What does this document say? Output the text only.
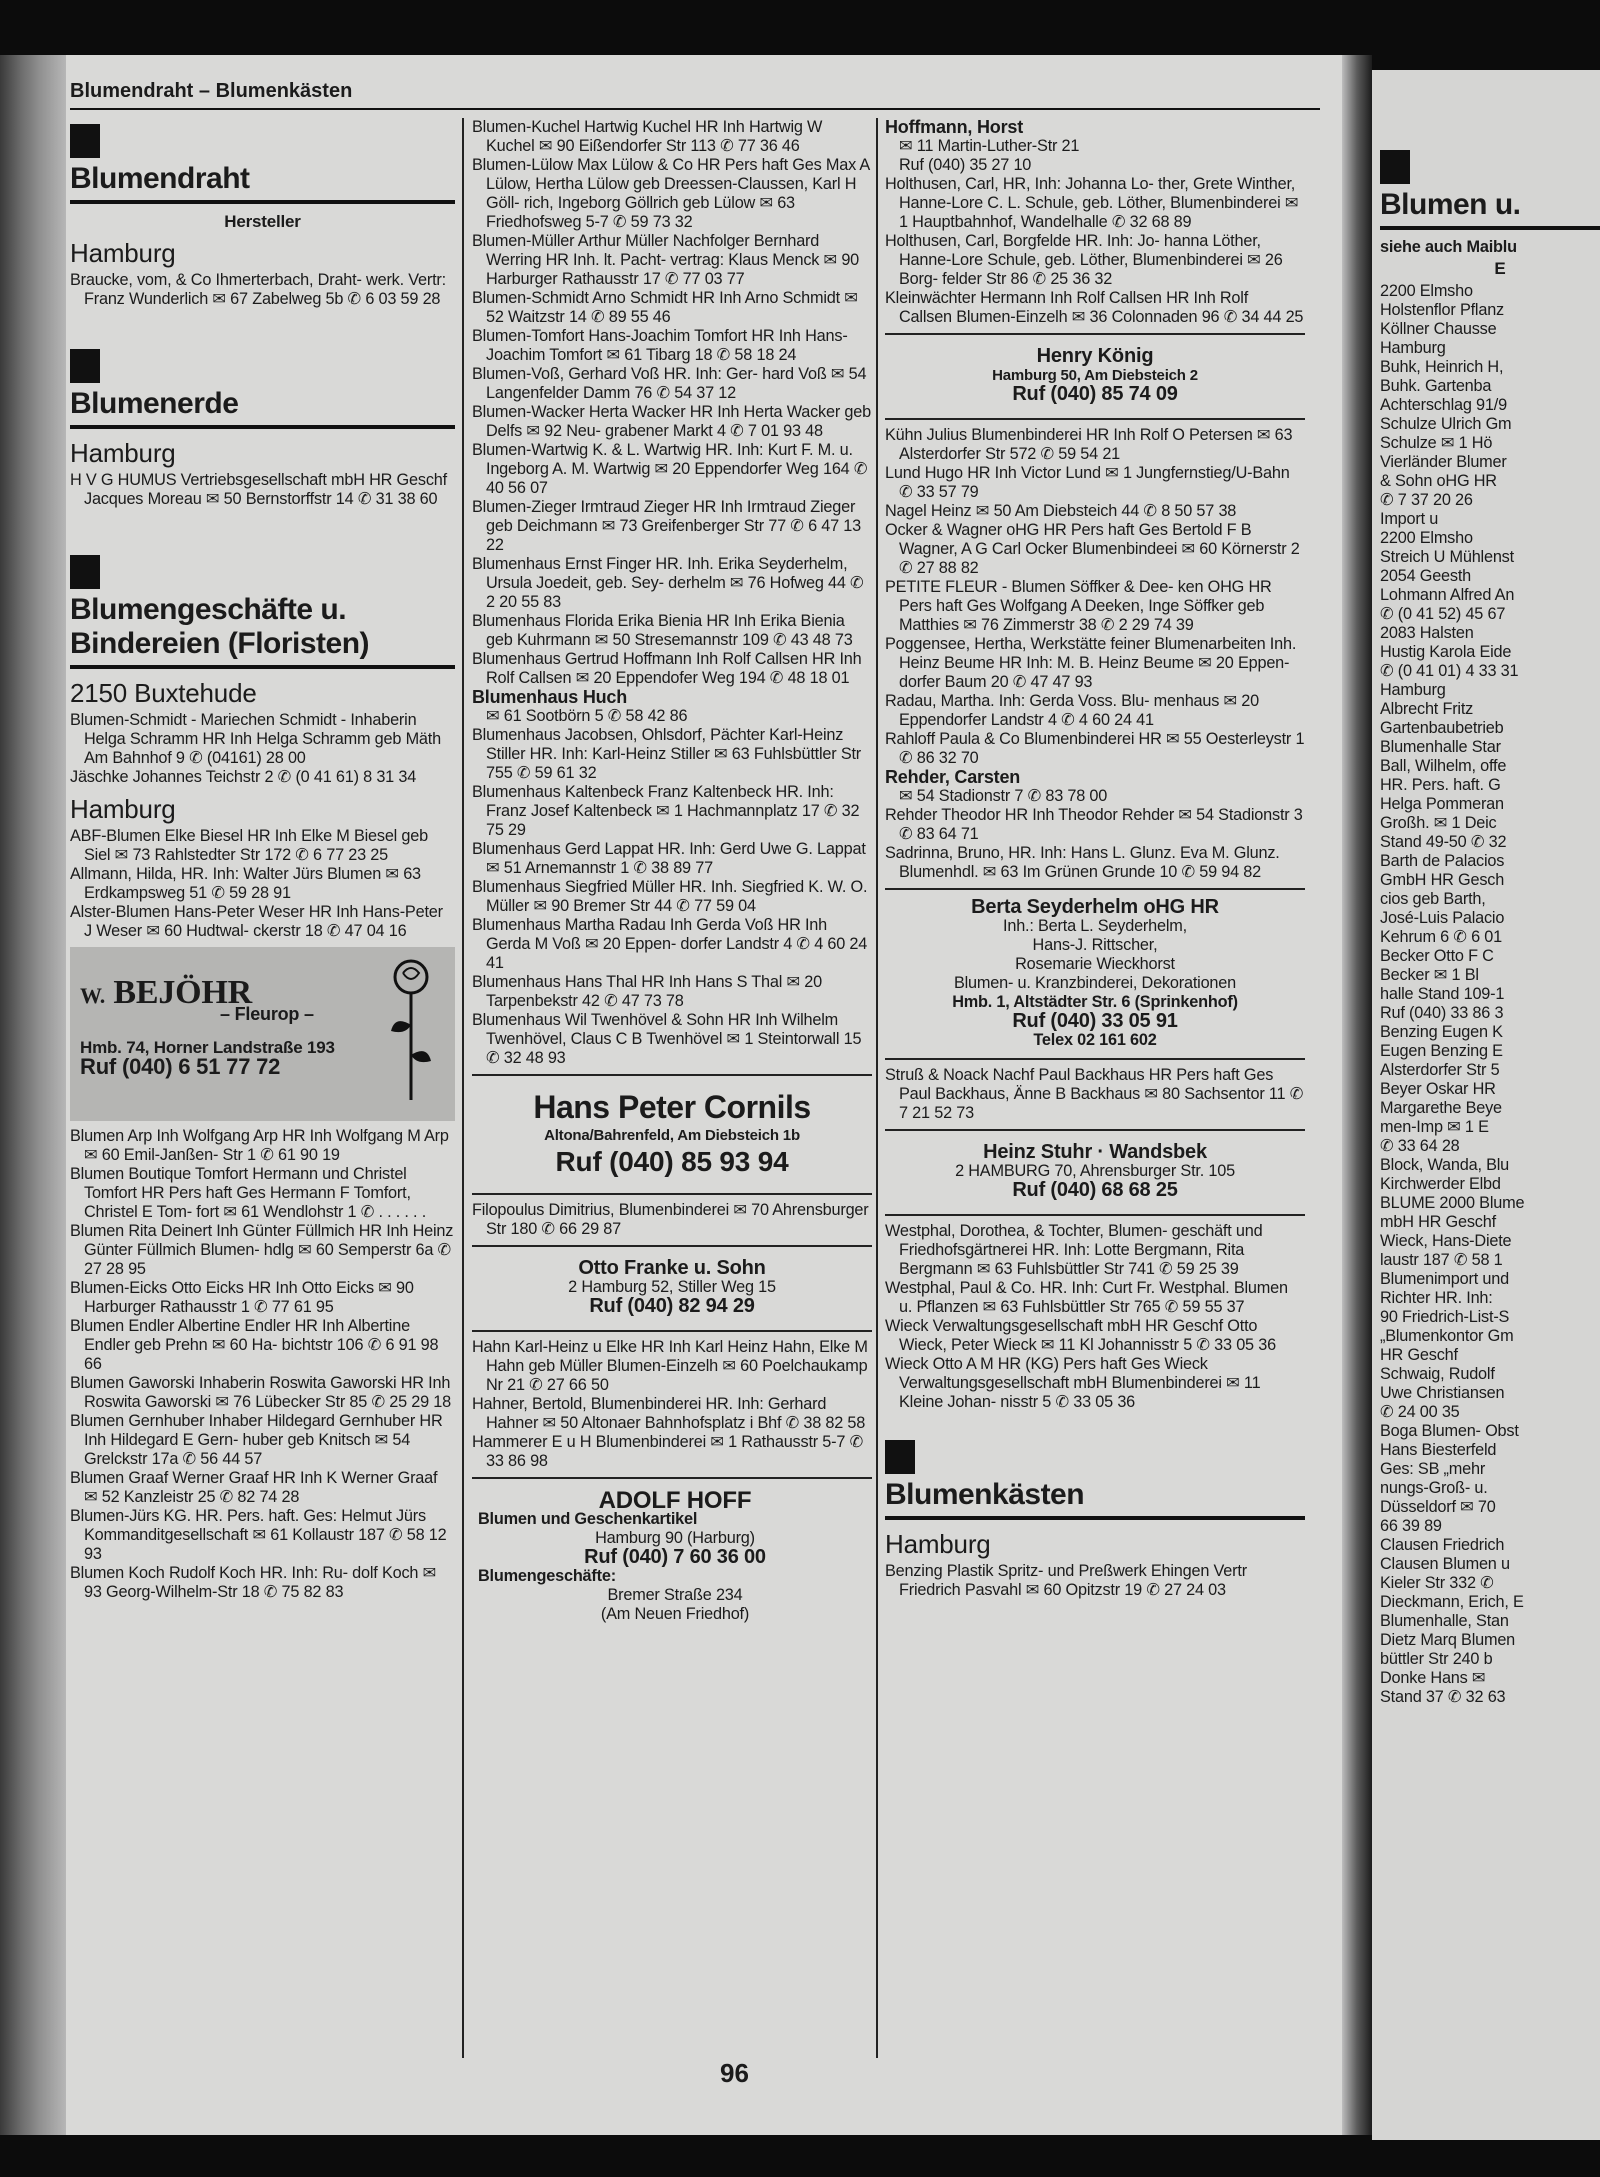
Blumen u.
siehe auch Maiblu
E
2200 Elmsho
Holstenflor Pflanz
Köllner Chausse
Hamburg
Buhk, Heinrich H,
Buhk. Gartenba
Achterschlag 91/9
Schulze Ulrich Gm
Schulze ✉ 1 Hö
Vierländer Blumer
& Sohn oHG HR
✆ 7 37 20 26
Import u
2200 Elmsho
Streich U Mühlenst
2054 Geesth
Lohmann Alfred An
✆ (0 41 52) 45 67
2083 Halsten
Hustig Karola Eide
✆ (0 41 01) 4 33 31
Hamburg
Albrecht Fritz
Gartenbaubetrieb
Blumenhalle Star
Ball, Wilhelm, offe
HR. Pers. haft. G
Helga Pommeran
Großh. ✉ 1 Deic
Stand 49-50 ✆ 32
Barth de Palacios
GmbH HR Gesch
cios geb Barth,
José-Luis Palacio
Kehrum 6 ✆ 6 01
Becker Otto F C
Becker ✉ 1 Bl
halle Stand 109-1
Ruf (040) 33 86 3
Benzing Eugen K
Eugen Benzing E
Alsterdorfer Str 5
Beyer Oskar HR
Margarethe Beye
men-Imp ✉ 1 E
✆ 33 64 28
Block, Wanda, Blu
Kirchwerder Elbd
BLUME 2000 Blume
mbH HR Geschf
Wieck, Hans-Diete
laustr 187 ✆ 58 1
Blumenimport und
Richter HR. Inh:
90 Friedrich-List-S
„Blumenkontor Gm
HR Geschf
Schwaig, Rudolf
Uwe Christiansen
✆ 24 00 35
Boga Blumen- Obst
Hans Biesterfeld
Ges: SB „mehr
nungs-Groß- u.
Düsseldorf ✉ 70
66 39 89
Clausen Friedrich
Clausen Blumen u
Kieler Str 332 ✆
Dieckmann, Erich, E
Blumenhalle, Stan
Dietz Marq Blumen
büttler Str 240 b
Donke Hans ✉
Stand 37 ✆ 32 63
Blumendraht – Blumenkästen
Blumendraht
Hersteller
Hamburg

Braucke, vom, & Co Ihmerterbach, Draht- werk. Vertr: Franz Wunderlich ✉ 67 Zabelweg 5b ✆ 6 03 59 28

Blumenerde
Hamburg

H V G HUMUS Vertriebsgesellschaft mbH HR Geschf Jacques Moreau ✉ 50 Bernstorffstr 14 ✆ 31 38 60

Blumengeschäfte u.
Bindereien (Floristen)
2150 Buxtehude

Blumen-Schmidt - Mariechen Schmidt - Inhaberin Helga Schramm HR Inh Helga Schramm geb Mäth Am Bahnhof 9 ✆ (04161) 28 00

Jäschke Johannes Teichstr 2 ✆ (0 41 61) 8 31 34

Hamburg

ABF-Blumen Elke Biesel HR Inh Elke M Biesel geb Siel ✉ 73 Rahlstedter Str 172 ✆ 6 77 23 25

Allmann, Hilda, HR. Inh: Walter Jürs Blumen ✉ 63 Erdkampsweg 51 ✆ 59 28 91

Alster-Blumen Hans-Peter Weser HR Inh Hans-Peter J Weser ✉ 60 Hudtwal- ckerstr 18 ✆ 47 04 16

W. BEJÖHR
– Fleurop –
Hmb. 74, Horner Landstraße 193
Ruf (040) 6 51 77 72

Blumen Arp Inh Wolfgang Arp HR Inh Wolfgang M Arp ✉ 60 Emil-Janßen- Str 1 ✆ 61 90 19

Blumen Boutique Tomfort Hermann und Christel Tomfort HR Pers haft Ges Hermann F Tomfort, Christel E Tom- fort ✉ 61 Wendlohstr 1 ✆ . . . . . .

Blumen Rita Deinert Inh Günter Füllmich HR Inh Heinz Günter Füllmich Blumen- hdlg ✉ 60 Semperstr 6a ✆ 27 28 95

Blumen-Eicks Otto Eicks HR Inh Otto Eicks ✉ 90 Harburger Rathausstr 1 ✆ 77 61 95

Blumen Endler Albertine Endler HR Inh Albertine Endler geb Prehn ✉ 60 Ha- bichtstr 106 ✆ 6 91 98 66

Blumen Gaworski Inhaberin Roswita Gaworski HR Inh Roswita Gaworski ✉ 76 Lübecker Str 85 ✆ 25 29 18

Blumen Gernhuber Inhaber Hildegard Gernhuber HR Inh Hildegard E Gern- huber geb Knitsch ✉ 54 Grelckstr 17a ✆ 56 44 57

Blumen Graaf Werner Graaf HR Inh K Werner Graaf ✉ 52 Kanzleistr 25 ✆ 82 74 28

Blumen-Jürs KG. HR. Pers. haft. Ges: Helmut Jürs Kommanditgesellschaft ✉ 61 Kollaustr 187 ✆ 58 12 93

Blumen Koch Rudolf Koch HR. Inh: Ru- dolf Koch ✉ 93 Georg-Wilhelm-Str 18 ✆ 75 82 83

Blumen-Kuchel Hartwig Kuchel HR Inh Hartwig W Kuchel ✉ 90 Eißendorfer Str 113 ✆ 77 36 46

Blumen-Lülow Max Lülow & Co HR Pers haft Ges Max A Lülow, Hertha Lülow geb Dreessen-Claussen, Karl H Göll- rich, Ingeborg Göllrich geb Lülow ✉ 63 Friedhofsweg 5-7 ✆ 59 73 32

Blumen-Müller Arthur Müller Nachfolger Bernhard Werring HR Inh. lt. Pacht- vertrag: Klaus Menck ✉ 90 Harburger Rathausstr 17 ✆ 77 03 77

Blumen-Schmidt Arno Schmidt HR Inh Arno Schmidt ✉ 52 Waitzstr 14 ✆ 89 55 46

Blumen-Tomfort Hans-Joachim Tomfort HR Inh Hans-Joachim Tomfort ✉ 61 Tibarg 18 ✆ 58 18 24

Blumen-Voß, Gerhard Voß HR. Inh: Ger- hard Voß ✉ 54 Langenfelder Damm 76 ✆ 54 37 12

Blumen-Wacker Herta Wacker HR Inh Herta Wacker geb Delfs ✉ 92 Neu- grabener Markt 4 ✆ 7 01 93 48

Blumen-Wartwig K. & L. Wartwig HR. Inh: Kurt F. M. u. Ingeborg A. M. Wartwig ✉ 20 Eppendorfer Weg 164 ✆ 40 56 07

Blumen-Zieger Irmtraud Zieger HR Inh Irmtraud Zieger geb Deichmann ✉ 73 Greifenberger Str 77 ✆ 6 47 13 22

Blumenhaus Ernst Finger HR. Inh. Erika Seyderhelm, Ursula Joedeit, geb. Sey- derhelm ✉ 76 Hofweg 44 ✆ 2 20 55 83

Blumenhaus Florida Erika Bienia HR Inh Erika Bienia geb Kuhrmann ✉ 50 Stresemannstr 109 ✆ 43 48 73

Blumenhaus Gertrud Hoffmann Inh Rolf Callsen HR Inh Rolf Callsen ✉ 20 Eppendofer Weg 194 ✆ 48 18 01

Blumenhaus Huch
✉ 61 Sootbörn 5 ✆ 58 42 86

Blumenhaus Jacobsen, Ohlsdorf, Pächter Karl-Heinz Stiller HR. Inh: Karl-Heinz Stiller ✉ 63 Fuhlsbüttler Str 755 ✆ 59 61 32

Blumenhaus Kaltenbeck Franz Kaltenbeck HR. Inh: Franz Josef Kaltenbeck ✉ 1 Hachmannplatz 17 ✆ 32 75 29

Blumenhaus Gerd Lappat HR. Inh: Gerd Uwe G. Lappat ✉ 51 Arnemannstr 1 ✆ 38 89 77

Blumenhaus Siegfried Müller HR. Inh. Siegfried K. W. O. Müller ✉ 90 Bremer Str 44 ✆ 77 59 04

Blumenhaus Martha Radau Inh Gerda Voß HR Inh Gerda M Voß ✉ 20 Eppen- dorfer Landstr 4 ✆ 4 60 24 41

Blumenhaus Hans Thal HR Inh Hans S Thal ✉ 20 Tarpenbekstr 42 ✆ 47 73 78

Blumenhaus Wil Twenhövel & Sohn HR Inh Wilhelm Twenhövel, Claus C B Twenhövel ✉ 1 Steintorwall 15 ✆ 32 48 93

Hans Peter Cornils
Altona/Bahrenfeld, Am Diebsteich 1b
Ruf (040) 85 93 94

Filopoulus Dimitrius, Blumenbinderei ✉ 70 Ahrensburger Str 180 ✆ 66 29 87

Otto Franke u. Sohn
2 Hamburg 52, Stiller Weg 15
Ruf (040) 82 94 29

Hahn Karl-Heinz u Elke HR Inh Karl Heinz Hahn, Elke M Hahn geb Müller Blumen-Einzelh ✉ 60 Poelchaukamp Nr 21 ✆ 27 66 50

Hahner, Bertold, Blumenbinderei HR. Inh: Gerhard Hahner ✉ 50 Altonaer Bahnhofsplatz i Bhf ✆ 38 82 58

Hammerer E u H Blumenbinderei ✉ 1 Rathausstr 5-7 ✆ 33 86 98

ADOLF HOFF
Blumen und Geschenkartikel
Hamburg 90 (Harburg)
Ruf (040) 7 60 36 00
Blumengeschäfte:
Bremer Straße 234
(Am Neuen Friedhof)
Hoffmann, Horst
✉ 11 Martin-Luther-Str 21
Ruf (040) 35 27 10

Holthusen, Carl, HR, Inh: Johanna Lo- ther, Grete Winther, Hanne-Lore C. L. Schule, geb. Löther, Blumenbinderei ✉ 1 Hauptbahnhof, Wandelhalle ✆ 32 68 89

Holthusen, Carl, Borgfelde HR. Inh: Jo- hanna Löther, Hanne-Lore Schule, geb. Löther, Blumenbinderei ✉ 26 Borg- felder Str 86 ✆ 25 36 32

Kleinwächter Hermann Inh Rolf Callsen HR Inh Rolf Callsen Blumen-Einzelh ✉ 36 Colonnaden 96 ✆ 34 44 25

Henry König
Hamburg 50, Am Diebsteich 2
Ruf (040) 85 74 09

Kühn Julius Blumenbinderei HR Inh Rolf O Petersen ✉ 63 Alsterdorfer Str 572 ✆ 59 54 21

Lund Hugo HR Inh Victor Lund ✉ 1 Jungfernstieg/U-Bahn ✆ 33 57 79

Nagel Heinz ✉ 50 Am Diebsteich 44 ✆ 8 50 57 38

Ocker & Wagner oHG HR Pers haft Ges Bertold F B Wagner, A G Carl Ocker Blumenbindeei ✉ 60 Körnerstr 2 ✆ 27 88 82

PETITE FLEUR - Blumen Söffker & Dee- ken OHG HR Pers haft Ges Wolfgang A Deeken, Inge Söffker geb Matthies ✉ 76 Zimmerstr 38 ✆ 2 29 74 39

Poggensee, Hertha, Werkstätte feiner Blumenarbeiten Inh. Heinz Beume HR Inh: M. B. Heinz Beume ✉ 20 Eppen- dorfer Baum 20 ✆ 47 47 93

Radau, Martha. Inh: Gerda Voss. Blu- menhaus ✉ 20 Eppendorfer Landstr 4 ✆ 4 60 24 41

Rahloff Paula & Co Blumenbinderei HR ✉ 55 Oesterleystr 1 ✆ 86 32 70

Rehder, Carsten
✉ 54 Stadionstr 7 ✆ 83 78 00

Rehder Theodor HR Inh Theodor Rehder ✉ 54 Stadionstr 3 ✆ 83 64 71

Sadrinna, Bruno, HR. Inh: Hans L. Glunz. Eva M. Glunz. Blumenhdl. ✉ 63 Im Grünen Grunde 10 ✆ 59 94 82

Berta Seyderhelm oHG HR
Inh.: Berta L. Seyderhelm,
Hans-J. Rittscher,
Rosemarie Wieckhorst
Blumen- u. Kranzbinderei, Dekorationen
Hmb. 1, Altstädter Str. 6 (Sprinkenhof)
Ruf (040) 33 05 91
Telex 02 161 602

Struß & Noack Nachf Paul Backhaus HR Pers haft Ges Paul Backhaus, Änne B Backhaus ✉ 80 Sachsentor 11 ✆ 7 21 52 73

Heinz Stuhr · Wandsbek
2 HAMBURG 70, Ahrensburger Str. 105
Ruf (040) 68 68 25

Westphal, Dorothea, & Tochter, Blumen- geschäft und Friedhofsgärtnerei HR. Inh: Lotte Bergmann, Rita Bergmann ✉ 63 Fuhlsbüttler Str 741 ✆ 59 25 39

Westphal, Paul & Co. HR. Inh: Curt Fr. Westphal. Blumen u. Pflanzen ✉ 63 Fuhlsbüttler Str 765 ✆ 59 55 37

Wieck Verwaltungsgesellschaft mbH HR Geschf Otto Wieck, Peter Wieck ✉ 11 Kl Johannisstr 5 ✆ 33 05 36

Wieck Otto A M HR (KG) Pers haft Ges Wieck Verwaltungsgesellschaft mbH Blumenbinderei ✉ 11 Kleine Johan- nisstr 5 ✆ 33 05 36

Blumenkästen
Hamburg

Benzing Plastik Spritz- und Preßwerk Ehingen Vertr Friedrich Pasvahl ✉ 60 Opitzstr 19 ✆ 27 24 03

96
